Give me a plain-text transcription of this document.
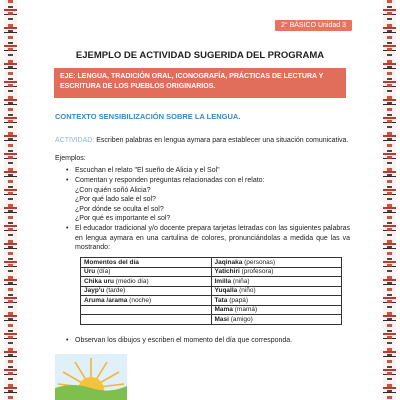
2° BÁSICO Unidad 3
EJEMPLO DE ACTIVIDAD SUGERIDA DEL PROGRAMA
EJE: LENGUA, TRADICIÓN ORAL, ICONOGRAFÍA, PRÁCTICAS DE LECTURA Y ESCRITURA DE LOS PUEBLOS ORIGINARIOS.
CONTEXTO SENSIBILIZACIÓN SOBRE LA LENGUA.
ACTIVIDAD: Escriben palabras en lengua aymara para establecer una situación comunicativa.
Ejemplos:
• Escuchan el relato "El sueño de Alicia y el Sol"
• Comentan y responden preguntas relacionadas con el relato:
¿Con quién soñó Alicia?
¿Por qué lado sale el sol?
¿Por dónde se oculta el sol?
¿Por qué es importante el sol?
• El educador tradicional y/o docente prepara tarjetas letradas con las siguientes palabras en lengua aymara en una cartulina de colores, pronunciándolas a medida que las va mostrando:
Momentos del día	Jaqinaka (personas)
Uru (día)	Yatichiri (profesora)
Chika uru (medio día)	Imilla (niña)
Jayp'u (tarde)	Yuqalla (niño)
Aruma /arama (noche)	Tata (papá)
	Mama (mamá)
	Masi (amigo)
• Observan los dibujos y escriben el momento del día que corresponda.
